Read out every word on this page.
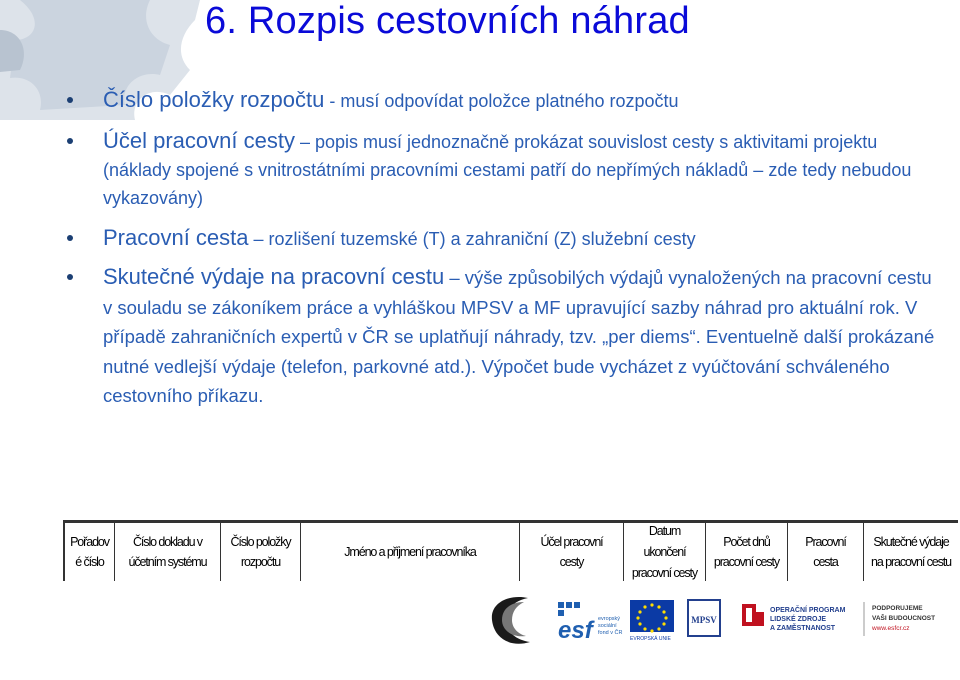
6. Rozpis cestovních náhrad
Číslo položky rozpočtu - musí odpovídat položce platného rozpočtu
Účel pracovní cesty – popis musí jednoznačně prokázat souvislost cesty s aktivitami projektu (náklady spojené s vnitrostátními pracovními cestami patří do nepřímých nákladů – zde tedy nebudou vykazovány)
Pracovní cesta – rozlišení tuzemské (T) a zahraniční (Z) služební cesty
Skutečné výdaje na pracovní cestu – výše způsobilých výdajů vynaložených na pracovní cestu v souladu se zákoníkem práce a vyhláškou MPSV a MF upravující sazby náhrad pro aktuální rok. V případě zahraničních expertů v ČR se uplatňují náhrady, tzv. „per diems“. Eventuelně další prokázané nutné vedlejší výdaje (telefon, parkovné atd.). Výpočet bude vycházet z vyúčtování schváleného cestovního příkazu.
Pořadov
é číslo
Číslo dokladu v
účetním systému
Číslo položky
rozpočtu
Jméno a příjmení pracovníka
Účel pracovní
cesty
Datum
ukončení
pracovní cesty
Počet dnů
pracovní cesty
Pracovní
cesta
Skutečné výdaje
na pracovní cestu
esf evropský
sociální
fond v ČR
EVROPSKÁ UNIE
MPSV
OPERAČNÍ PROGRAM
LIDSKÉ ZDROJE
A ZAMĚSTNANOST
PODPORUJEME
VAŠI BUDOUCNOST
www.esfcr.cz
